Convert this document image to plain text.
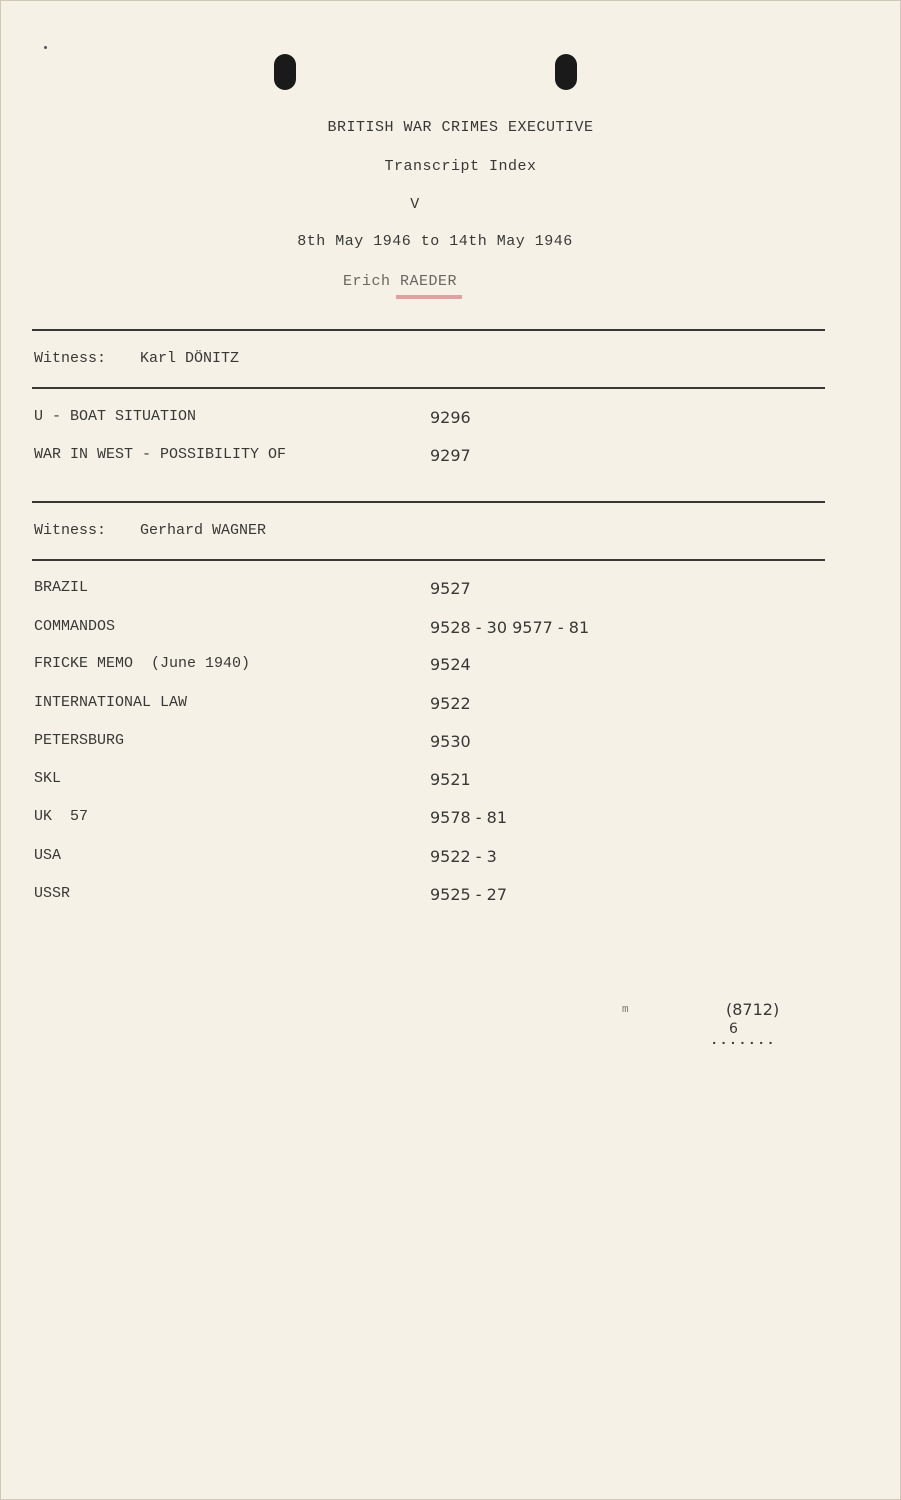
BRITISH WAR CRIMES EXECUTIVE
Transcript Index
V
8th May 1946 to 14th May 1946
Erich RAEDER
Witness: Karl DÖNITZ
U - BOAT SITUATION	9296
WAR IN WEST - POSSIBILITY OF	9297
Witness: Gerhard WAGNER
BRAZIL	9527
COMMANDOS	9528 - 30 9577 - 81
FRICKE MEMO  (June 1940)	9524
INTERNATIONAL LAW	9522
PETERSBURG	9530
SKL	9521
UK  57	9578 - 81
USA	9522 - 3
USSR	9525 - 27
m	(8712)
6
.......
